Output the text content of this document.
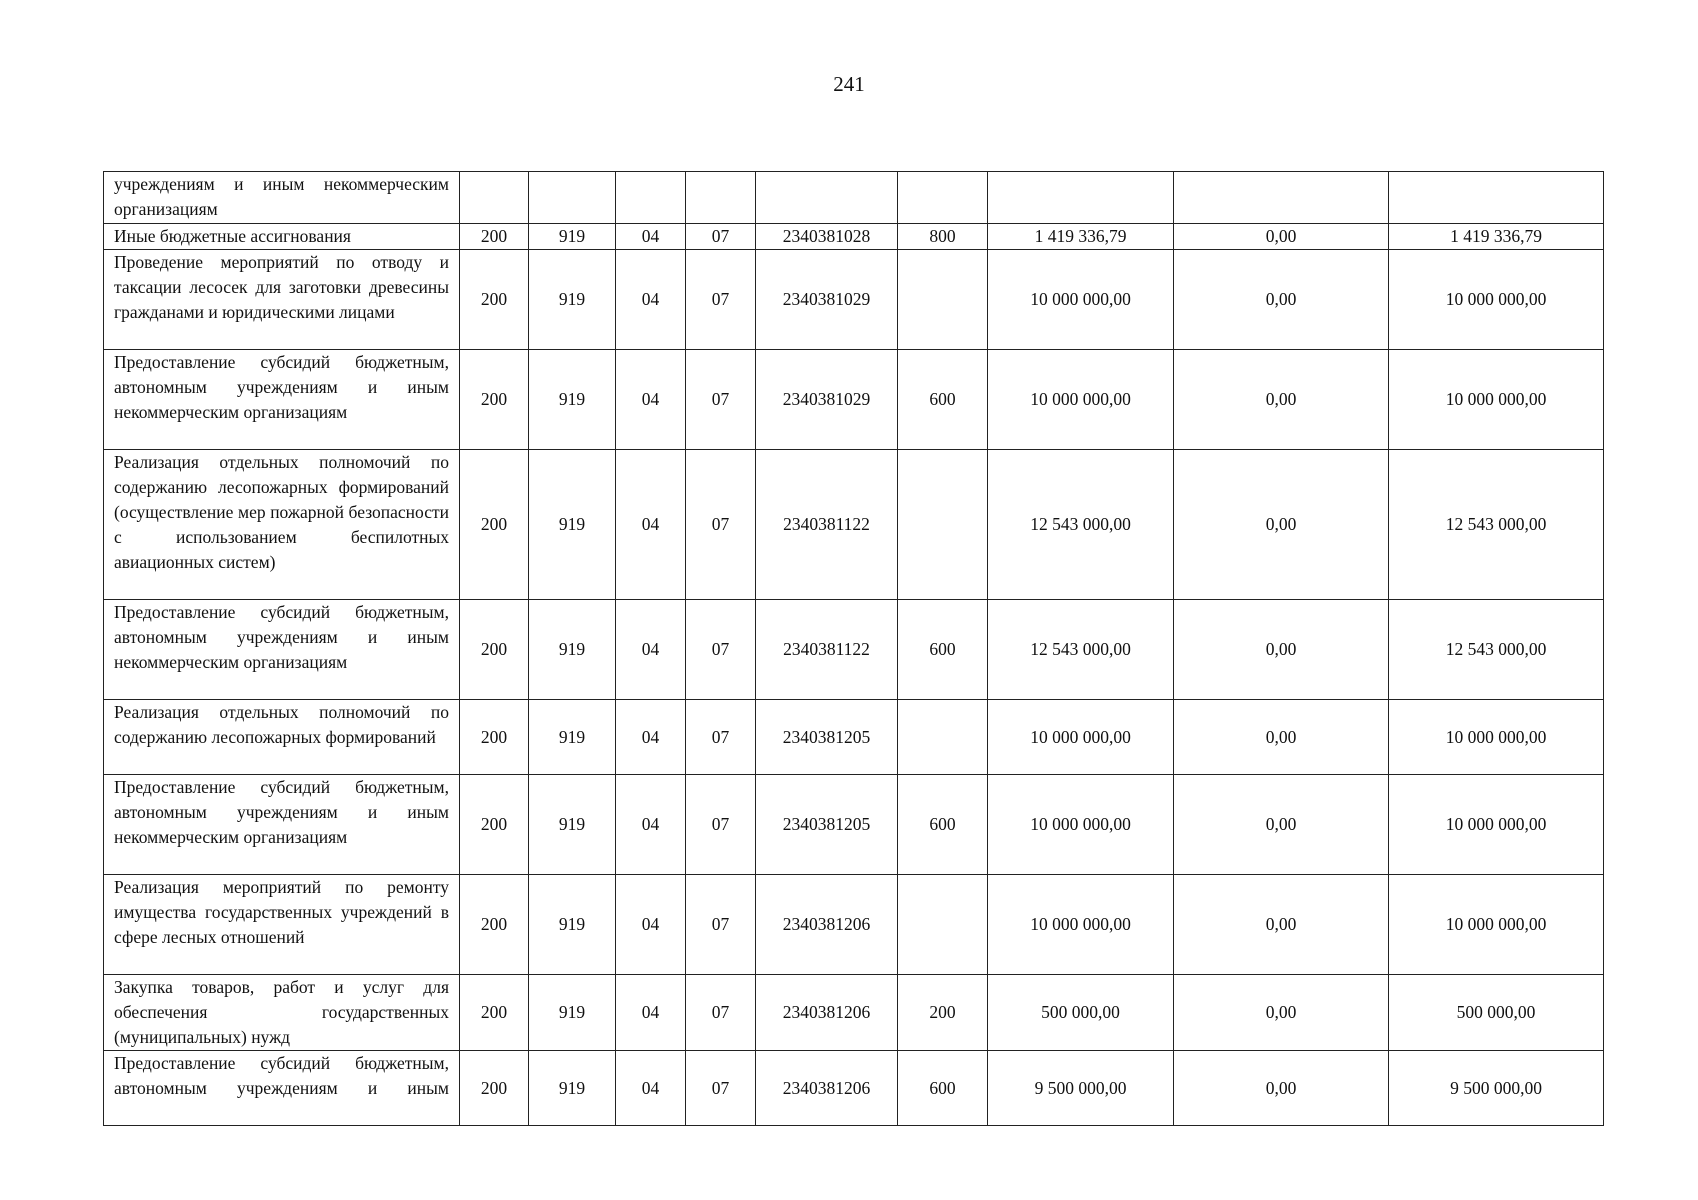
241
учреждениям и иным некоммерческим организациям									
Иные бюджетные ассигнования	200	919	04	07	2340381028	800	1 419 336,79	0,00	1 419 336,79
Проведение мероприятий по отводу и таксации лесосек для заготовки древесины гражданами и юридическими лицами	200	919	04	07	2340381029		10 000 000,00	0,00	10 000 000,00
Предоставление субсидий бюджетным, автономным учреждениям и иным некоммерческим организациям	200	919	04	07	2340381029	600	10 000 000,00	0,00	10 000 000,00
Реализация отдельных полномочий по содержанию лесопожарных формирований (осуществление мер пожарной безопасности с использованием беспилотных авиационных систем)	200	919	04	07	2340381122		12 543 000,00	0,00	12 543 000,00
Предоставление субсидий бюджетным, автономным учреждениям и иным некоммерческим организациям	200	919	04	07	2340381122	600	12 543 000,00	0,00	12 543 000,00
Реализация отдельных полномочий по содержанию лесопожарных формирований	200	919	04	07	2340381205		10 000 000,00	0,00	10 000 000,00
Предоставление субсидий бюджетным, автономным учреждениям и иным некоммерческим организациям	200	919	04	07	2340381205	600	10 000 000,00	0,00	10 000 000,00
Реализация мероприятий по ремонту имущества государственных учреждений в сфере лесных отношений	200	919	04	07	2340381206		10 000 000,00	0,00	10 000 000,00
Закупка товаров, работ и услуг для обеспечения государственных (муниципальных) нужд	200	919	04	07	2340381206	200	500 000,00	0,00	500 000,00
Предоставление субсидий бюджетным, автономным учреждениям и иным	200	919	04	07	2340381206	600	9 500 000,00	0,00	9 500 000,00
